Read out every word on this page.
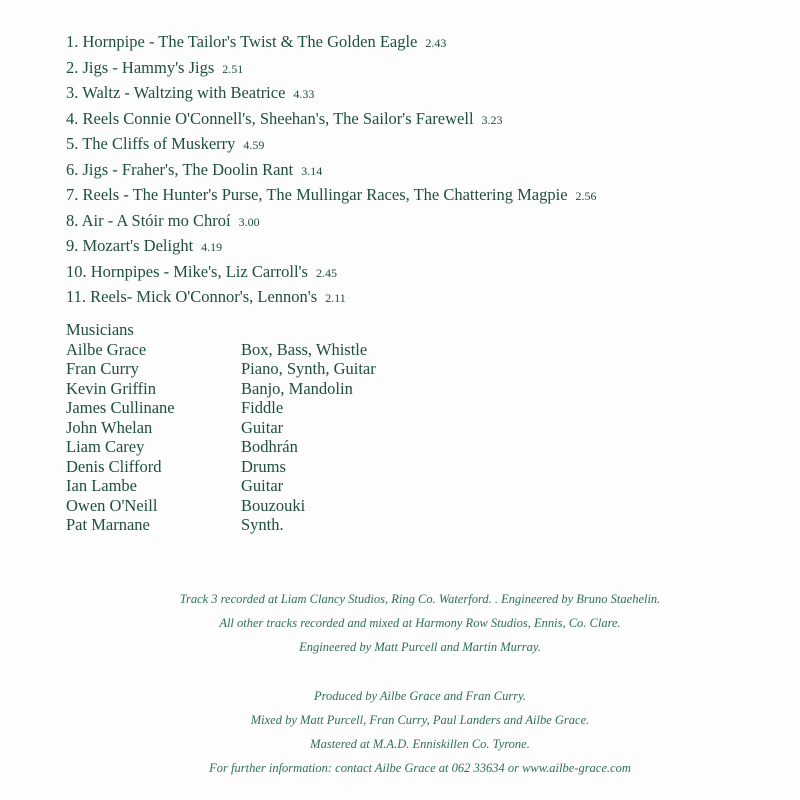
1. Hornpipe - The Tailor's Twist & The Golden Eagle 2.43
2. Jigs - Hammy's Jigs 2.51
3. Waltz - Waltzing with Beatrice 4.33
4. Reels Connie O'Connell's, Sheehan's, The Sailor's Farewell 3.23
5. The Cliffs of Muskerry 4.59
6. Jigs - Fraher's, The Doolin Rant 3.14
7. Reels - The Hunter's Purse, The Mullingar Races, The Chattering Magpie 2.56
8. Air - A Stóir mo Chroí 3.00
9. Mozart's Delight 4.19
10. Hornpipes - Mike's, Liz Carroll's 2.45
11. Reels- Mick O'Connor's, Lennon's 2.11
Musicians
Ailbe Grace	Box, Bass, Whistle
Fran Curry	Piano, Synth, Guitar
Kevin Griffin	Banjo, Mandolin
James Cullinane	Fiddle
John Whelan	Guitar
Liam Carey	Bodhrán
Denis Clifford	Drums
Ian Lambe	Guitar
Owen O'Neill	Bouzouki
Pat Marnane	Synth.
Track 3 recorded at Liam Clancy Studios, Ring Co. Waterford. . Engineered by Bruno Staehelin.
All other tracks recorded and mixed at Harmony Row Studios, Ennis, Co. Clare.
Engineered by Matt Purcell and Martin Murray.
Produced by Ailbe Grace and Fran Curry.
Mixed by Matt Purcell, Fran Curry, Paul Landers and Ailbe Grace.
Mastered at M.A.D. Enniskillen Co. Tyrone.
For further information: contact Ailbe Grace at 062 33634 or www.ailbe-grace.com
